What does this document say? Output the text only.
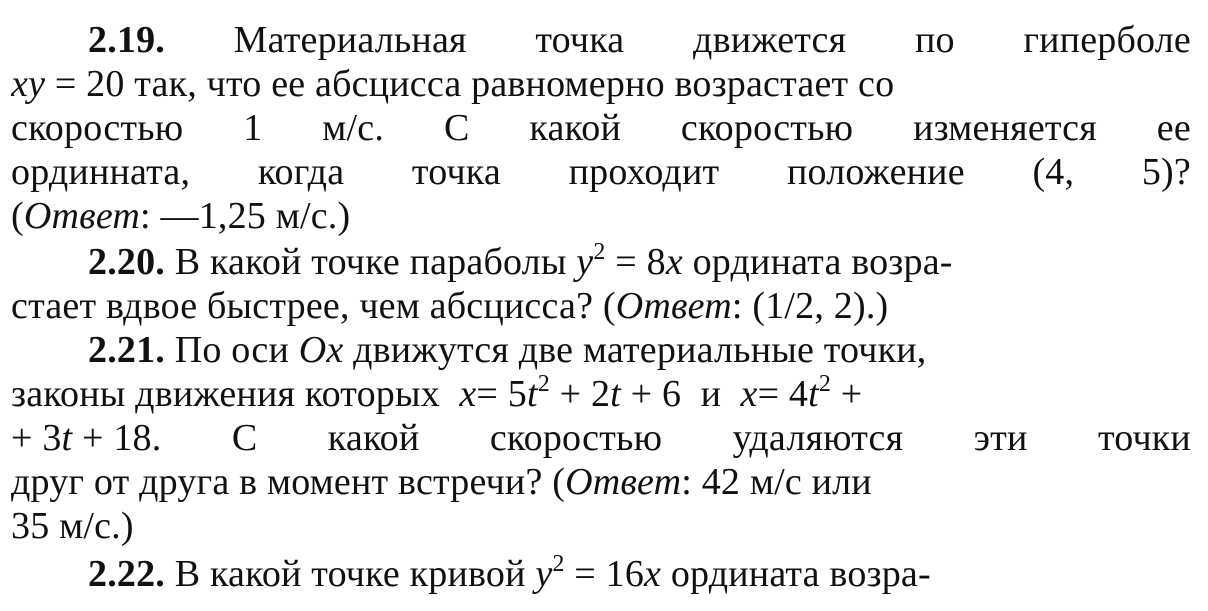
2.19. Материальная точка движется по гиперболе
xy = 20 так, что ее абсцисса равномерно возрастает со
скоростью 1 м/с. С какой скоростью изменяется ее
ординната, когда точка проходит положение (4, 5)?
(Ответ: —1,25 м/с.)
2.20. В какой точке параболы $y^2 = 8x$ ордината возра-
стает вдвое быстрее, чем абсцисса? (Ответ: (1/2, 2).)
2.21. По оси Ox движутся две материальные точки,
законы движения которых $x= 5t^2 + 2t + 6$ и $x= 4t^2$ +
+ 3t + 18. С какой скоростью удаляются эти точки
друг от друга в момент встречи? (Ответ: 42 м/с или
35 м/с.)
2.22. В какой точке кривой $y^2 = 16x$ ордината возра-
